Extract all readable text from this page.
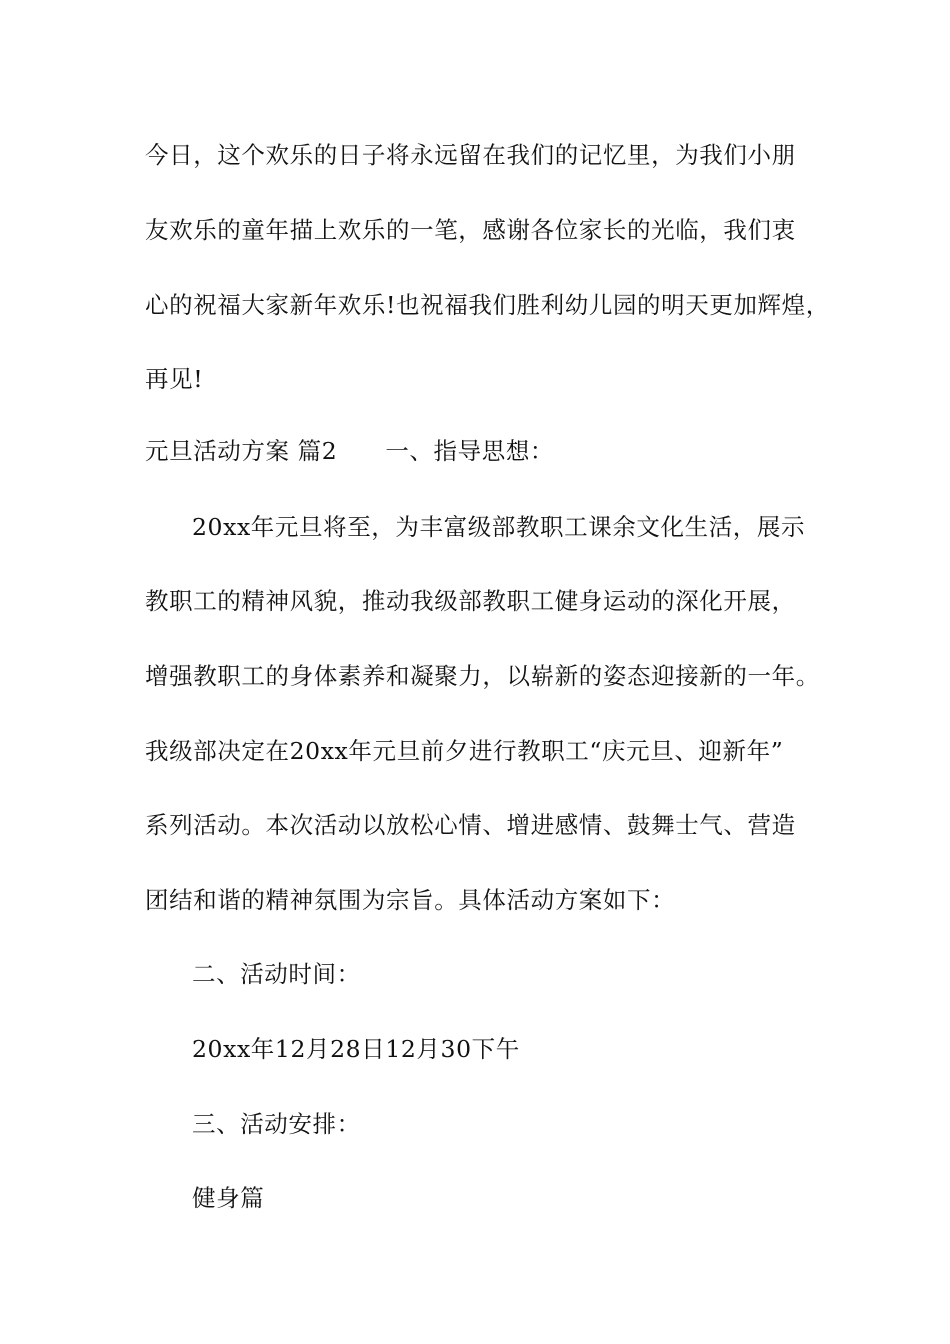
今日，这个欢乐的日子将永远留在我们的记忆里，为我们小朋
友欢乐的童年描上欢乐的一笔，感谢各位家长的光临，我们衷
心的祝福大家新年欢乐!也祝福我们胜利幼儿园的明天更加辉煌，
再见!
元旦活动方案 篇2 一、指导思想：
20xx年元旦将至，为丰富级部教职工课余文化生活，展示
教职工的精神风貌，推动我级部教职工健身运动的深化开展，
增强教职工的身体素养和凝聚力，以崭新的姿态迎接新的一年。
我级部决定在20xx年元旦前夕进行教职工“庆元旦、迎新年”
系列活动。本次活动以放松心情、增进感情、鼓舞士气、营造
团结和谐的精神氛围为宗旨。具体活动方案如下：
二、活动时间：
20xx年12月28日12月30下午
三、活动安排：
健身篇
